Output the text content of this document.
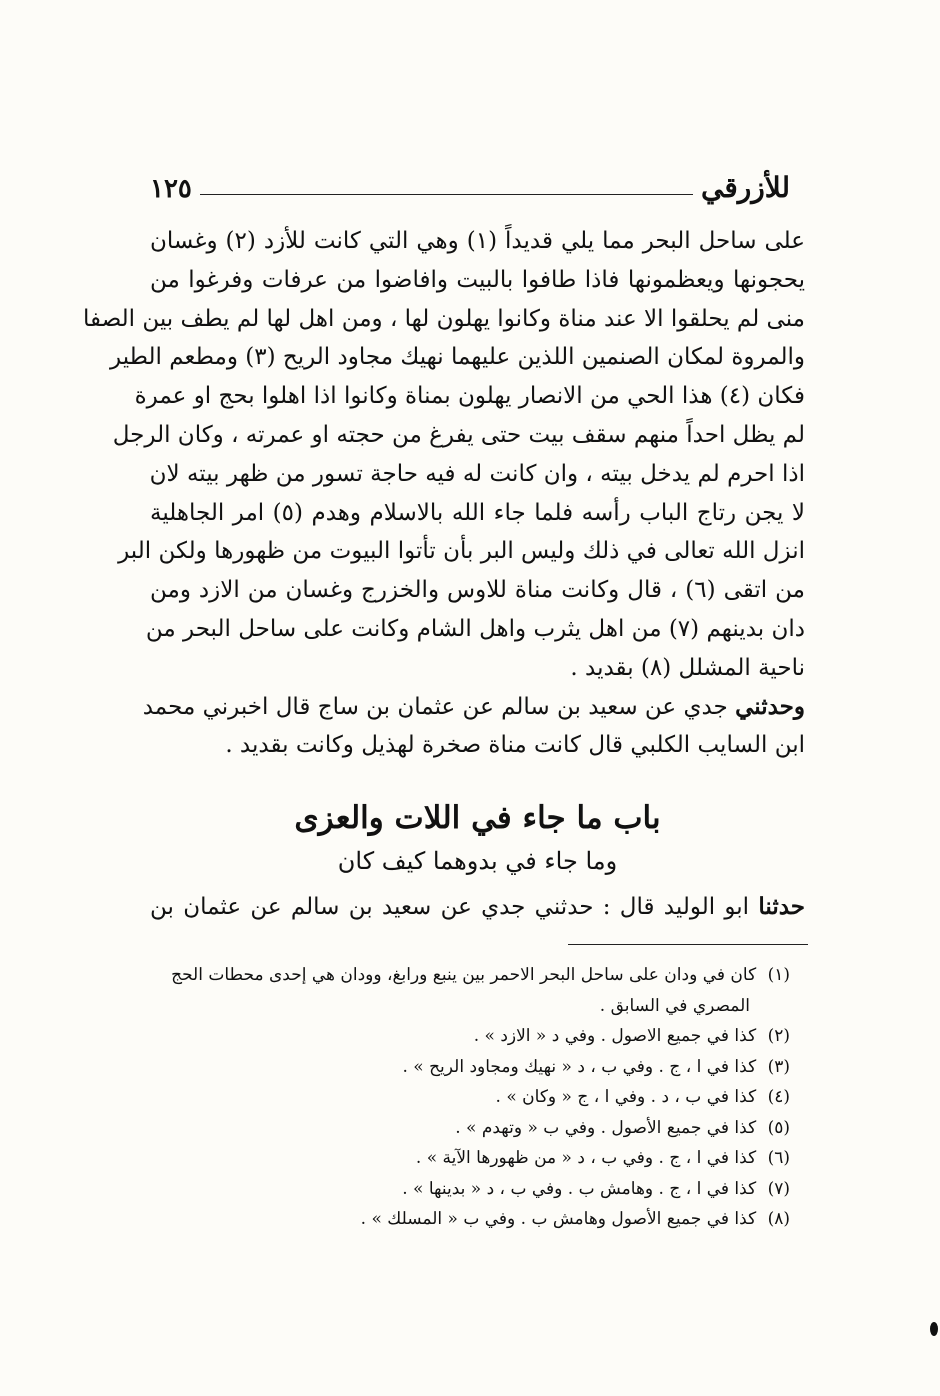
للأزرقي
١٢٥
على ساحل البحر مما يلي قديداً (١) وهي التي كانت للأزد (٢) وغسان
يحجونها ويعظمونها فاذا طافوا بالبيت وافاضوا من عرفات وفرغوا من
منى لم يحلقوا الا عند مناة وكانوا يهلون لها ، ومن اهل لها لم يطف بين الصفا
والمروة لمكان الصنمين اللذين عليهما نهيك مجاود الريح (٣) ومطعم الطير
فكان (٤) هذا الحي من الانصار يهلون بمناة وكانوا اذا اهلوا بحج او عمرة
لم يظل احداً منهم سقف بيت حتى يفرغ من حجته او عمرته ، وكان الرجل
اذا احرم لم يدخل بيته ، وان كانت له فيه حاجة تسور من ظهر بيته لان
لا يجن رتاج الباب رأسه فلما جاء الله بالاسلام وهدم (٥) امر الجاهلية
انزل الله تعالى في ذلك وليس البر بأن تأتوا البيوت من ظهورها ولكن البر
من اتقى (٦) ، قال وكانت مناة للاوس والخزرج وغسان من الازد ومن
دان بدينهم (٧) من اهل يثرب واهل الشام وكانت على ساحل البحر من
ناحية المشلل (٨) بقديد .
وحدثني جدي عن سعيد بن سالم عن عثمان بن ساج قال اخبرني محمد
ابن السايب الكلبي قال كانت مناة صخرة لهذيل وكانت بقديد .
باب ما جاء في اللات والعزى
وما جاء في بدوهما كيف كان
حدثنا ابو الوليد قال : حدثني جدي عن سعيد بن سالم عن عثمان بن
(١) كان في ودان على ساحل البحر الاحمر بين ينبع ورابغ، وودان هي إحدى محطات الحج
المصري في السابق .
(٢) كذا في جميع الاصول . وفي د « الازد » .
(٣) كذا في ا ، ج . وفي ب ، د « نهيك ومجاود الريح » .
(٤) كذا في ب ، د . وفي ا ، ج « وكان » .
(٥) كذا في جميع الأصول . وفي ب « وتهدم » .
(٦) كذا في ا ، ج . وفي ب ، د « من ظهورها الآية » .
(٧) كذا في ا ، ج . وهامش ب . وفي ب ، د « بدينها » .
(٨) كذا في جميع الأصول وهامش ب . وفي ب « المسلك » .
